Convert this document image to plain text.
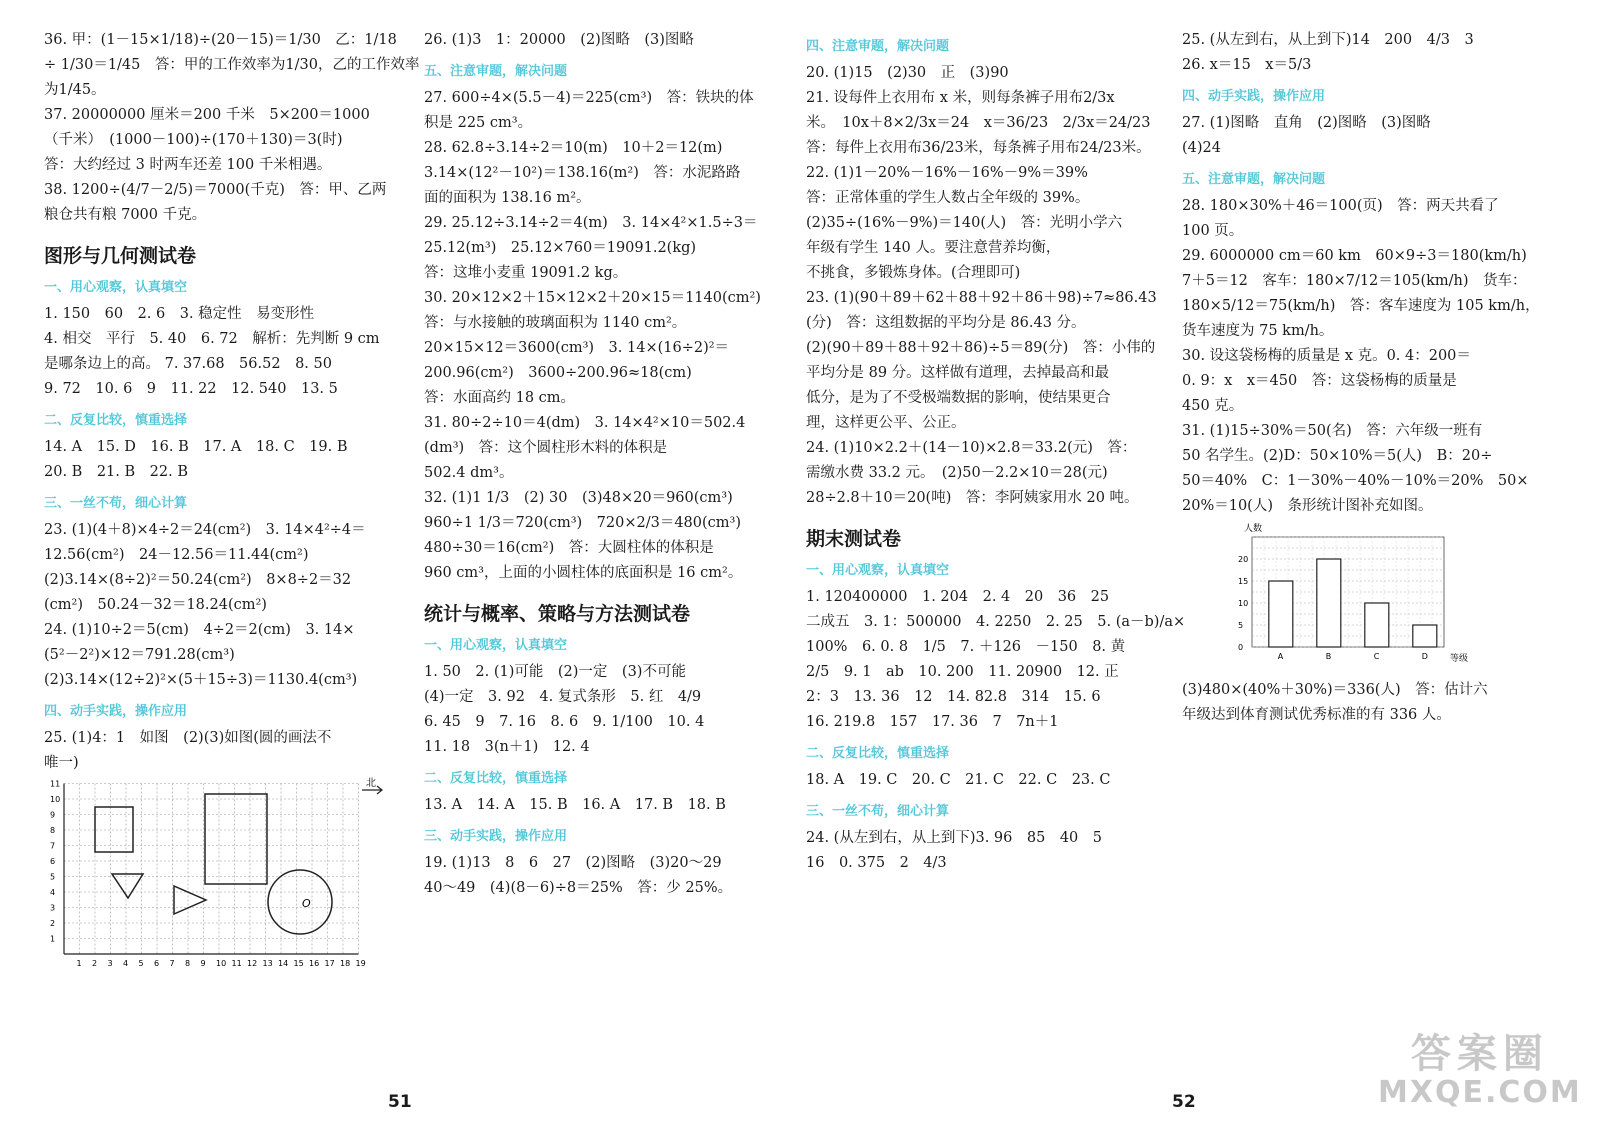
36. 甲：(1－15×1/18)÷(20－15)＝1/30　乙：1/18
÷ 1/30＝1/45　答：甲的工作效率为1/30，乙的工作效率
为1/45。
37. 20000000 厘米＝200 千米　5×200＝1000
（千米）　(1000－100)÷(170＋130)＝3(时)
答：大约经过 3 时两车还差 100 千米相遇。
38. 1200÷(4/7－2/5)＝7000(千克)　答：甲、乙两
粮仓共有粮 7000 千克。
图形与几何测试卷
一、用心观察，认真填空
1. 150　60　2. 6　3. 稳定性　易变形性
4. 相交　平行　5. 40　6. 72　解析：先判断 9 cm
是哪条边上的高。 7. 37.68　56.52　8. 50
9. 72　10. 6　9　11. 22　12. 540　13. 5
二、反复比较，慎重选择
14. A　15. D　16. B　17. A　18. C　19. B
20. B　21. B　22. B
三、一丝不苟，细心计算
23. (1)(4＋8)×4÷2＝24(cm²)　3. 14×4²÷4＝
12.56(cm²)　24－12.56＝11.44(cm²)
(2)3.14×(8÷2)²＝50.24(cm²)　8×8÷2＝32
(cm²)　50.24－32＝18.24(cm²)
24. (1)10÷2＝5(cm)　4÷2＝2(cm)　3. 14×
(5²－2²)×12＝791.28(cm³)
(2)3.14×(12÷2)²×(5＋15÷3)＝1130.4(cm³)
四、动手实践，操作应用
25. (1)4：1　如图　(2)(3)如图(圆的画法不
唯一)
1 2 3 4 5 6 7 8 9 10 11 12 13 14 15 16 17 18 19
1
2
3
4
5
6
7
8
9
10
11
O
北
51
26. (1)3　1：20000　(2)图略　(3)图略
五、注意审题，解决问题
27. 600÷4×(5.5－4)＝225(cm³)　答：铁块的体
积是 225 cm³。
28. 62.8÷3.14÷2＝10(m)　10＋2＝12(m)
3.14×(12²－10²)＝138.16(m²)　答：水泥路路
面的面积为 138.16 m²。
29. 25.12÷3.14÷2＝4(m)　3. 14×4²×1.5÷3＝
25.12(m³)　25.12×760＝19091.2(kg)
答：这堆小麦重 19091.2 kg。
30. 20×12×2＋15×12×2＋20×15＝1140(cm²)
答：与水接触的玻璃面积为 1140 cm²。
20×15×12＝3600(cm³)　3. 14×(16÷2)²＝
200.96(cm²)　3600÷200.96≈18(cm)
答：水面高约 18 cm。
31. 80÷2÷10＝4(dm)　3. 14×4²×10＝502.4
(dm³)　答：这个圆柱形木料的体积是
502.4 dm³。
32. (1)1 1/3　(2) 30　(3)48×20＝960(cm³)
960÷1 1/3＝720(cm³)　720×2/3＝480(cm³)
480÷30＝16(cm²)　答：大圆柱体的体积是
960 cm³，上面的小圆柱体的底面积是 16 cm²。
统计与概率、策略与方法测试卷
一、用心观察，认真填空
1. 50　2. (1)可能　(2)一定　(3)不可能
(4)一定　3. 92　4. 复式条形　5. 红　4/9
6. 45　9　7. 16　8. 6　9. 1/100　10. 4
11. 18　3(n＋1)　12. 4
二、反复比较，慎重选择
13. A　14. A　15. B　16. A　17. B　18. B
三、动手实践，操作应用
19. (1)13　8　6　27　(2)图略　(3)20～29
40～49　(4)(8－6)÷8＝25%　答：少 25%。
四、注意审题，解决问题
20. (1)15　(2)30　正　(3)90
21. 设每件上衣用布 x 米，则每条裤子用布2/3x
米。　10x＋8×2/3x＝24　x＝36/23　2/3x＝24/23
答：每件上衣用布36/23米，每条裤子用布24/23米。
22. (1)1－20%－16%－16%－9%＝39%
答：正常体重的学生人数占全年级的 39%。
(2)35÷(16%－9%)＝140(人)　答：光明小学六
年级有学生 140 人。要注意营养均衡，
不挑食，多锻炼身体。(合理即可)
23. (1)(90＋89＋62＋88＋92＋86＋98)÷7≈86.43
(分)　答：这组数据的平均分是 86.43 分。
(2)(90＋89＋88＋92＋86)÷5＝89(分)　答：小伟的
平均分是 89 分。这样做有道理，去掉最高和最
低分，是为了不受极端数据的影响，使结果更合
理，这样更公平、公正。
24. (1)10×2.2＋(14－10)×2.8＝33.2(元)　答：
需缴水费 33.2 元。　(2)50－2.2×10＝28(元)
28÷2.8＋10＝20(吨)　答：李阿姨家用水 20 吨。
期末测试卷
一、用心观察，认真填空
1. 120400000　1. 204　2. 4　20　36　25
二成五　3. 1：500000　4. 2250　2. 25　5. (a－b)/a×
100%　6. 0. 8　1/5　7. ＋126　－150　8. 黄
2/5　9. 1　ab　10. 200　11. 20900　12. 正
2：3　13. 36　12　14. 82.8　314　15. 6
16. 219.8　157　17. 36　7　7n＋1
二、反复比较，慎重选择
18. A　19. C　20. C　21. C　22. C　23. C
三、一丝不苟，细心计算
24. (从左到右，从上到下)3. 96　85　40　5
16　0. 375　2　4/3
25. (从左到右，从上到下)14　200　4/3　3
26. x＝15　x＝5/3
四、动手实践，操作应用
27. (1)图略　直角　(2)图略　(3)图略
(4)24
五、注意审题，解决问题
28. 180×30%＋46＝100(页)　答：两天共看了
100 页。
29. 6000000 cm＝60 km　60×9÷3＝180(km/h)
7＋5＝12　客车：180×7/12＝105(km/h)　货车：
180×5/12＝75(km/h)　答：客车速度为 105 km/h，
货车速度为 75 km/h。
30. 设这袋杨梅的质量是 x 克。0. 4：200＝
0. 9：x　x＝450　答：这袋杨梅的质量是
450 克。
31. (1)15÷30%＝50(名)　答：六年级一班有
50 名学生。(2)D：50×10%＝5(人)　B：20÷
50＝40%　C：1－30%－40%－10%＝20%　50×
20%＝10(人)　条形统计图补充如图。
0
5
10
15
20
A	B	C	D
人数
等级
(3)480×(40%＋30%)＝336(人)　答：估计六
年级达到体育测试优秀标准的有 336 人。
52
答案圈
MXQE.COM
